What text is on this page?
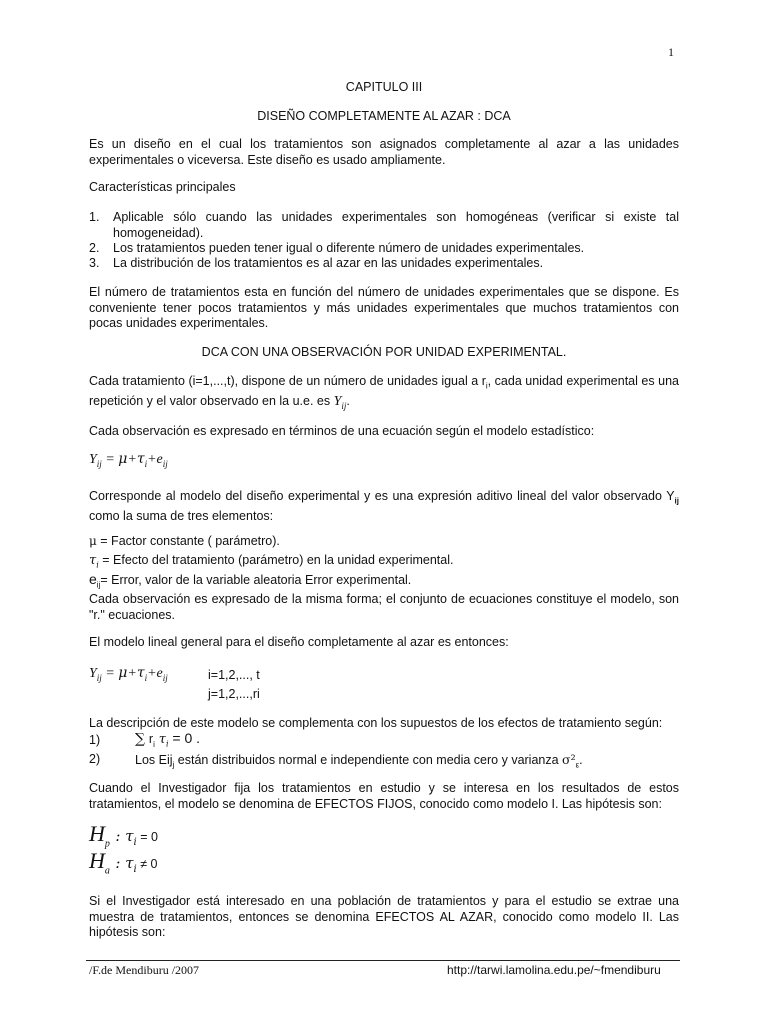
1
CAPITULO III
DISEÑO COMPLETAMENTE AL AZAR : DCA
Es un diseño en el cual los tratamientos son asignados completamente al azar a las unidades experimentales o viceversa. Este diseño es usado ampliamente.
Características principales
1. Aplicable sólo cuando las unidades experimentales son homogéneas (verificar si existe tal homogeneidad).
2. Los tratamientos pueden tener igual o diferente número de unidades experimentales.
3. La distribución de los tratamientos es al azar en las unidades experimentales.
El número de tratamientos esta en función del número de unidades experimentales que se dispone. Es conveniente tener pocos tratamientos y más unidades experimentales que muchos tratamientos con pocas unidades experimentales.
DCA CON UNA OBSERVACIÓN POR UNIDAD EXPERIMENTAL.
Cada tratamiento (i=1,...,t), dispone de un número de unidades igual a $r_i$, cada unidad experimental es una repetición y el valor observado en la u.e. es $Y_{ij}$.
Cada observación es expresado en términos de una ecuación según el modelo estadístico:
$Y_{ij} = \mu+\tau_i+e_{ij}$
Corresponde al modelo del diseño experimental y es una expresión aditivo lineal del valor observado $Y_{ij}$ como la suma de tres elementos:
μ = Factor constante ( parámetro).
$\tau_i$ = Efecto del tratamiento (parámetro) en la unidad experimental.
$e_{ij}=$ Error, valor de la variable aleatoria Error experimental.
Cada observación es expresado de la misma forma; el conjunto de ecuaciones constituye el modelo, son "r." ecuaciones.
El modelo lineal general para el diseño completamente al azar es entonces:
$Y_{ij} = \mu+\tau_i+e_{ij}$	i=1,2,..., t
j=1,2,...,ri
La descripción de este modelo se complementa con los supuestos de los efectos de tratamiento según:
1) ∑ $r_i$ $\tau_i = 0$ .
2)	Los Eij$_j$ están distribuidos normal e independiente con media cero y varianza $\sigma^2_\varepsilon$.
Cuando el Investigador fija los tratamientos en estudio y se interesa en los resultados de estos tratamientos, el modelo se denomina de EFECTOS FIJOS, conocido como modelo I. Las hipótesis son:
$H_p$ : $\tau_i = 0$
$H_a$ : $\tau_i \ne 0$
Si el Investigador está interesado en una población de tratamientos y para el estudio se extrae una muestra de tratamientos, entonces se denomina EFECTOS AL AZAR, conocido como modelo II. Las hipótesis son:
/F.de Mendiburu /2007	http://tarwi.lamolina.edu.pe/~fmendiburu
